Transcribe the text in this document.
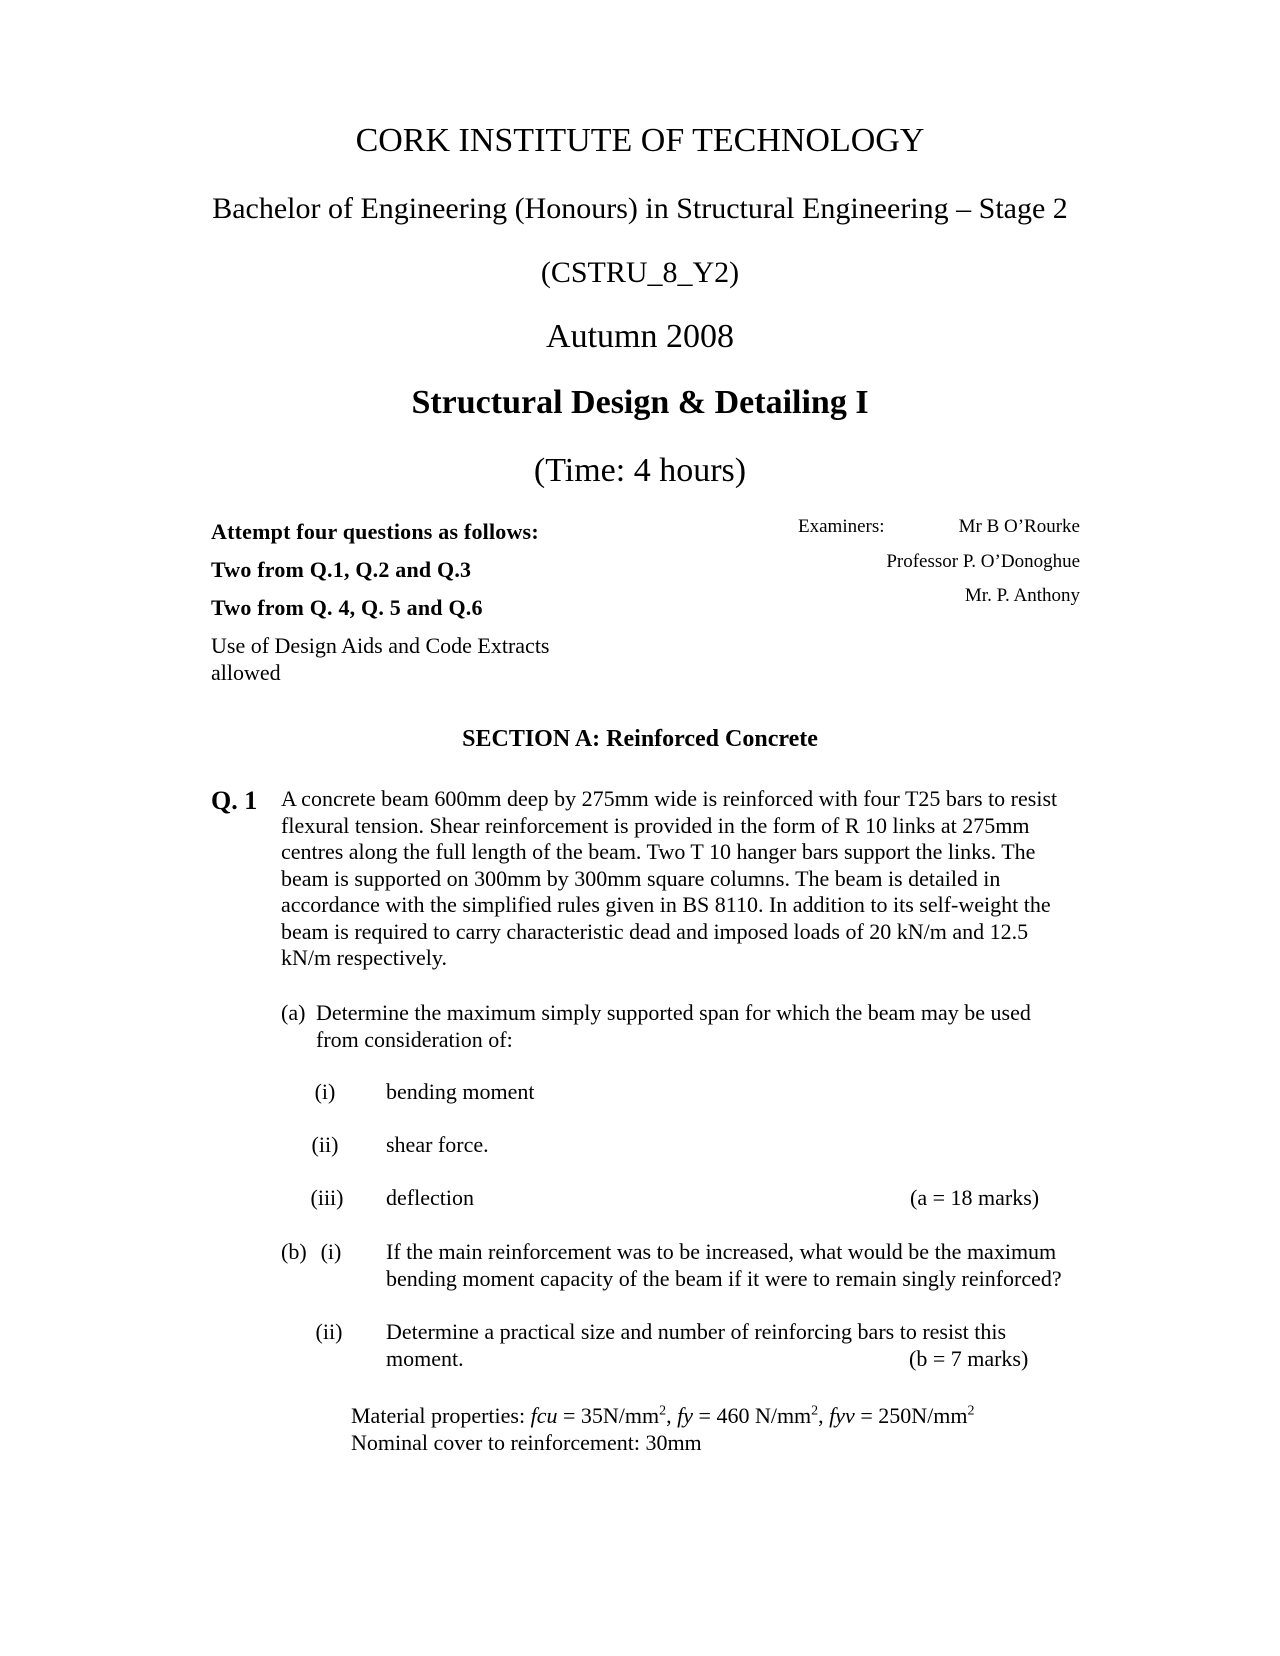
CORK INSTITUTE OF TECHNOLOGY
Bachelor of Engineering (Honours) in Structural Engineering – Stage 2
(CSTRU_8_Y2)
Autumn 2008
Structural Design & Detailing I
(Time: 4 hours)
Attempt four questions as follows:
Two from Q.1, Q.2 and Q.3
Two from Q. 4, Q. 5 and Q.6
Use of Design Aids and Code Extracts allowed
Examiners:	Mr B O’Rourke
Professor P. O’Donoghue
Mr. P. Anthony
SECTION A: Reinforced Concrete
Q. 1 A concrete beam 600mm deep by 275mm wide is reinforced with four T25 bars to resist
flexural tension. Shear reinforcement is provided in the form of R 10 links at 275mm
centres along the full length of the beam. Two T 10 hanger bars support the links. The
beam is supported on 300mm by 300mm square columns. The beam is detailed in
accordance with the simplified rules given in BS 8110. In addition to its self-weight the
beam is required to carry characteristic dead and imposed loads of 20 kN/m and 12.5
kN/m respectively.
(a) Determine the maximum simply supported span for which the beam may be used
from consideration of:
(i)	bending moment
(ii)	shear force.
(iii)	deflection	(a = 18 marks)
(b) (i)	If the main reinforcement was to be increased, what would be the maximum
bending moment capacity of the beam if it were to remain singly reinforced?
(ii)	Determine a practical size and number of reinforcing bars to resist this
moment.	(b = 7 marks)
Material properties: fcu = $35N/mm^2$, fy = 460 $N/mm^2$, fyv = $250N/mm^2$
Nominal cover to reinforcement: 30mm
